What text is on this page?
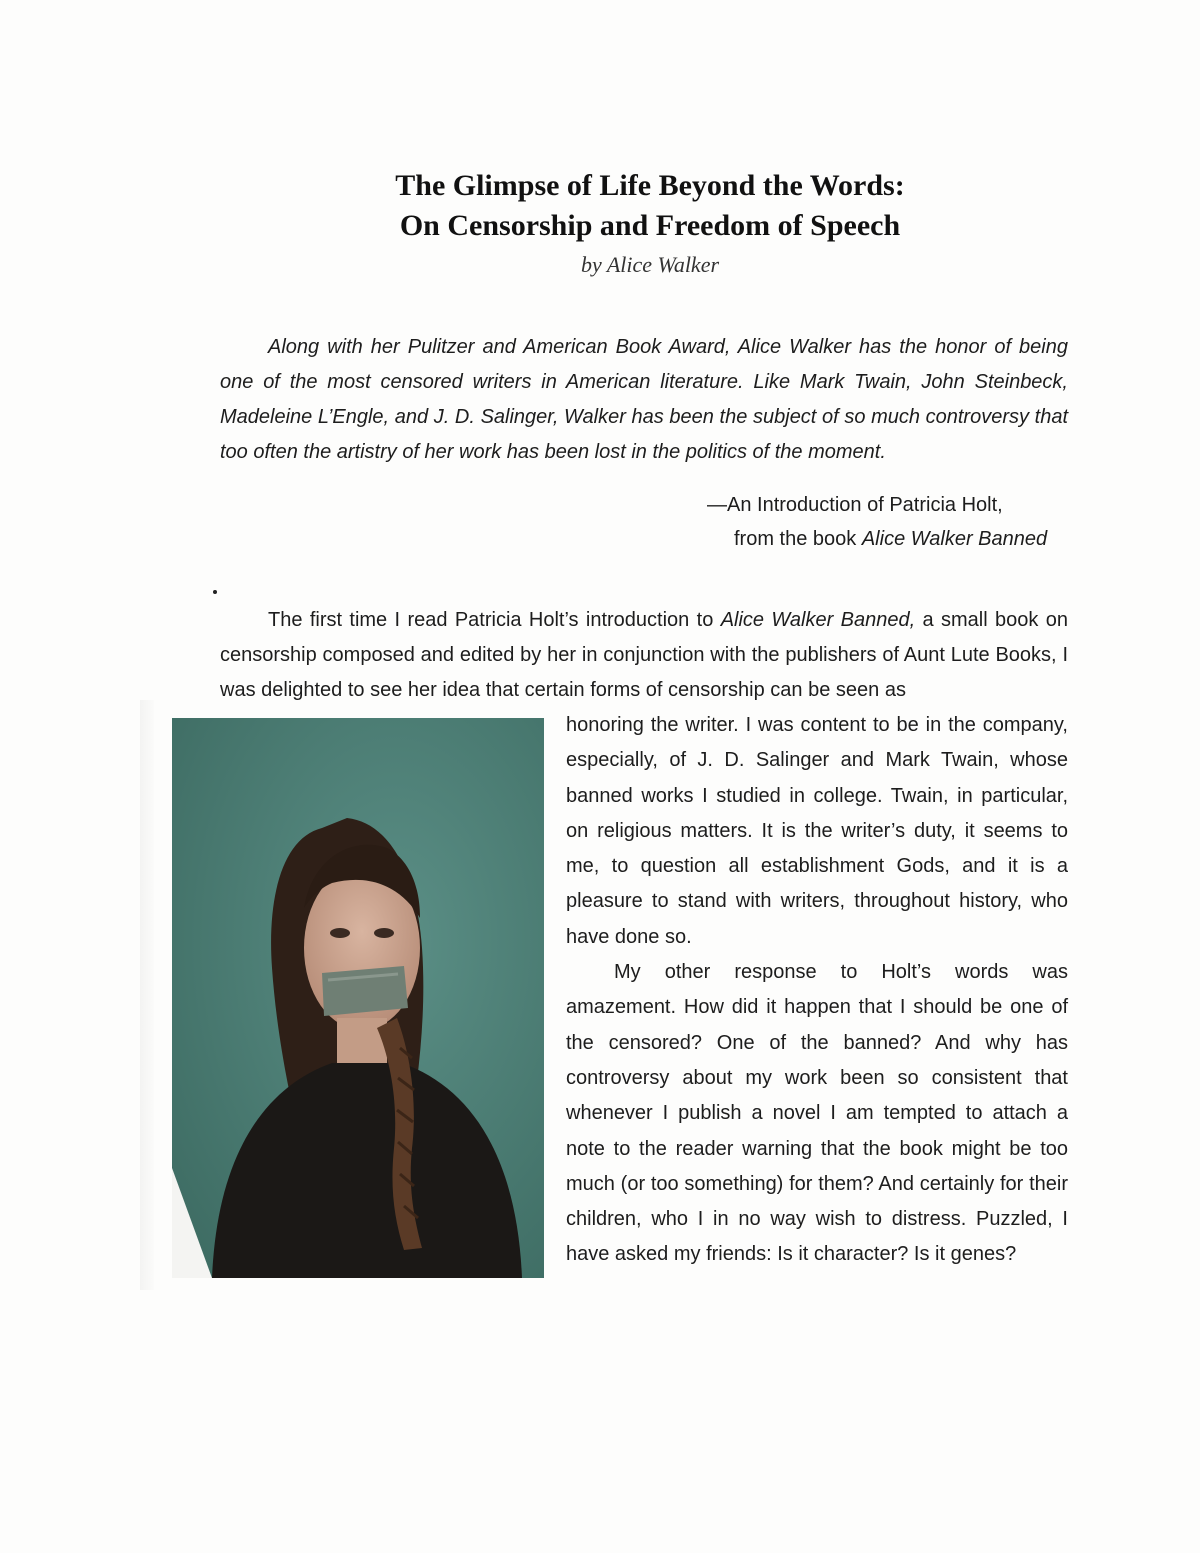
The Glimpse of Life Beyond the Words:
On Censorship and Freedom of Speech
by Alice Walker
Along with her Pulitzer and American Book Award, Alice Walker has the honor of being one of the most censored writers in American literature. Like Mark Twain, John Steinbeck, Madeleine L’Engle, and J. D. Salinger, Walker has been the subject of so much controversy that too often the artistry of her work has been lost in the politics of the moment.
—An Introduction of Patricia Holt,
from the book Alice Walker Banned
The first time I read Patricia Holt’s introduction to Alice Walker Banned, a small book on censorship composed and edited by her in conjunction with the publishers of Aunt Lute Books, I was delighted to see her idea that certain forms of censorship can be seen as

honoring the writer. I was content to be in the company, especially, of J. D. Salinger and Mark Twain, whose banned works I studied in college. Twain, in particular, on religious matters. It is the writer’s duty, it seems to me, to question all establishment Gods, and it is a pleasure to stand with writers, throughout history, who have done so.

My other response to Holt’s words was amazement. How did it happen that I should be one of the censored? One of the banned? And why has controversy about my work been so consistent that whenever I publish a novel I am tempted to attach a note to the reader warning that the book might be too much (or too something) for them? And certainly for their children, who I in no way wish to distress. Puzzled, I have asked my friends: Is it character? Is it genes?
